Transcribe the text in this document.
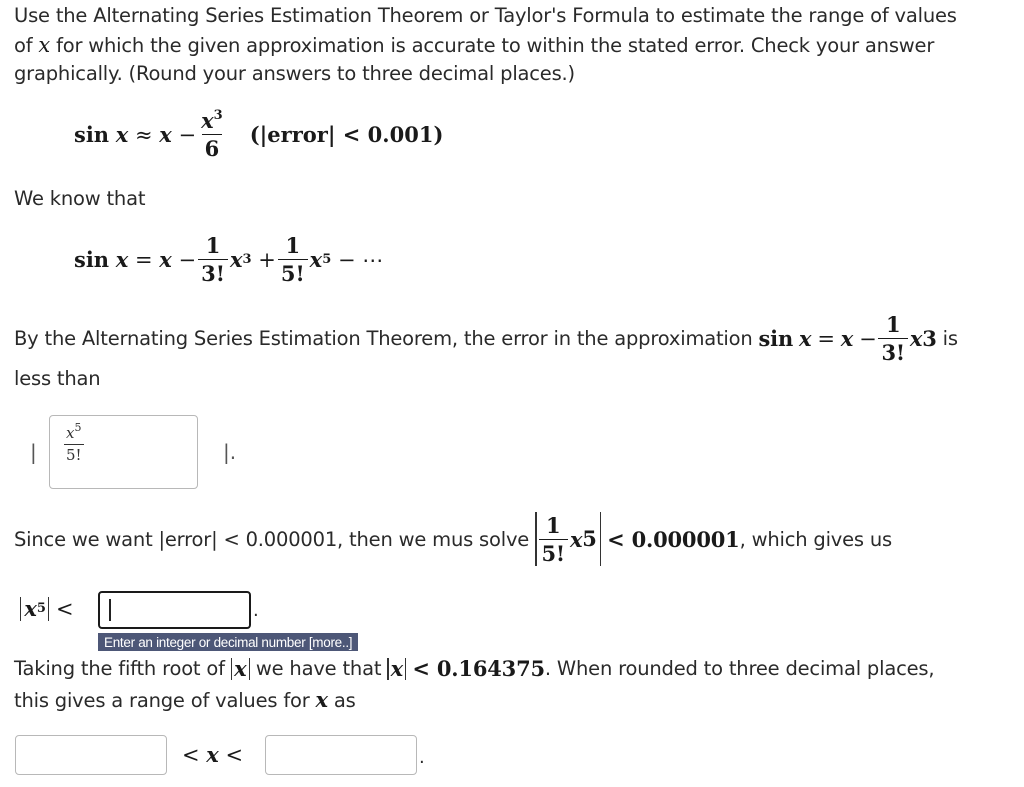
Use the Alternating Series Estimation Theorem or Taylor's Formula to estimate the range of values
of x for which the given approximation is accurate to within the stated error. Check your answer
graphically. (Round your answers to three decimal places.)
sin
x
≈
x
− $\frac{x^3}{6}$ (|error| < 0.001)
We know that
sin
x
=
x
− $\frac{1}{3!}$ x 3
+ $\frac{1}{5!}$ x 5
− ⋯
By the Alternating Series Estimation Theorem, the error in the approximation
sin
x
=
x
− $\frac{1}{3!}$ x 3
is
less than
|
$x^5$
5!	|.
Since we want |error| < 0.000001, then we mus solve
$\frac{1}{5!}$ x 5
< 0.000001 , which gives us
x 5
<	.
Enter an integer or decimal number [more..]
Taking the fifth root of
x
we have that
x
< 0.164375 . When rounded to three decimal places,
this gives a range of values for x as
<
x
<	.
